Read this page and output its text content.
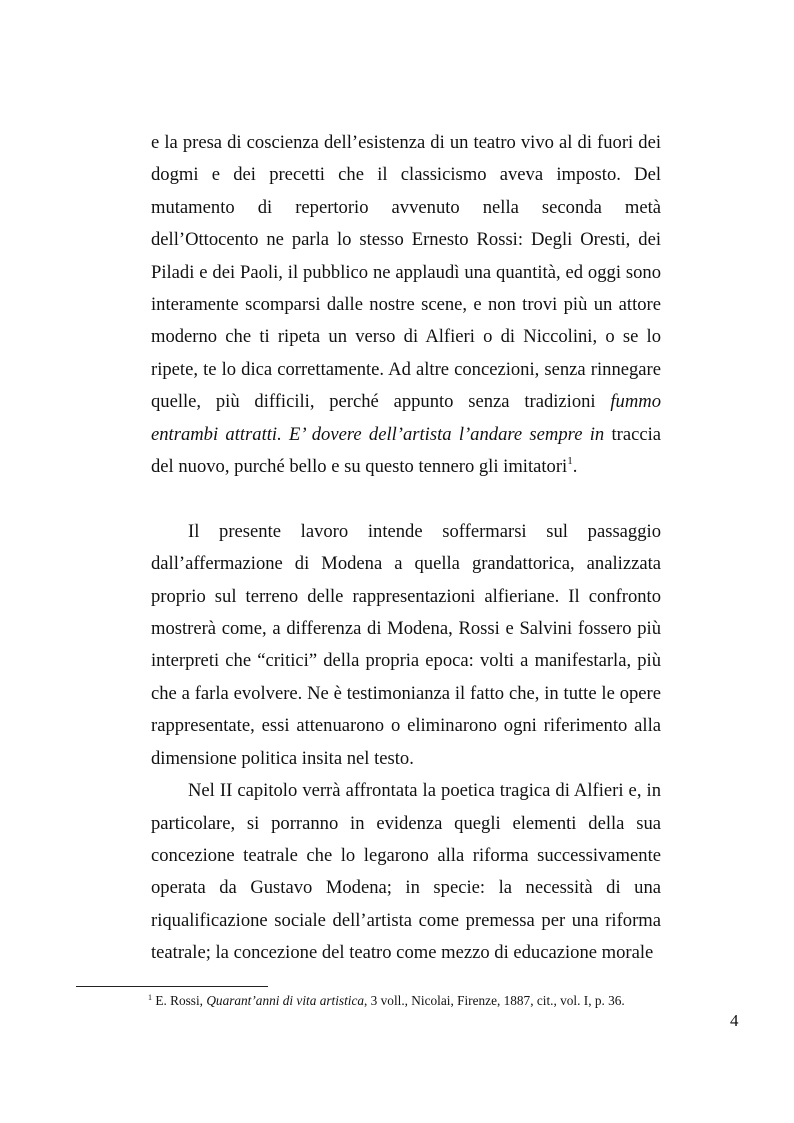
e la presa di coscienza dell’esistenza di un teatro vivo al di fuori dei dogmi e dei precetti che il classicismo aveva imposto. Del mutamento di repertorio avvenuto nella seconda metà dell’Ottocento ne parla lo stesso Ernesto Rossi: Degli Oresti, dei Piladi e dei Paoli, il pubblico ne applaudì una quantità, ed oggi sono interamente scomparsi dalle nostre scene, e non trovi più un attore moderno che ti ripeta un verso di Alfieri o di Niccolini, o se lo ripete, te lo dica correttamente. Ad altre concezioni, senza rinnegare quelle, più difficili, perché appunto senza tradizioni fummo entrambi attratti. E’ dovere dell’artista l’andare sempre in traccia del nuovo, purché bello e su questo tennero gli imitatori$^1$.

Il presente lavoro intende soffermarsi sul passaggio dall’affermazione di Modena a quella grandattorica, analizzata proprio sul terreno delle rappresentazioni alfieriane. Il confronto mostrerà come, a differenza di Modena, Rossi e Salvini fossero più interpreti che “critici” della propria epoca: volti a manifestarla, più che a farla evolvere. Ne è testimonianza il fatto che, in tutte le opere rappresentate, essi attenuarono o eliminarono ogni riferimento alla dimensione politica insita nel testo.

Nel II capitolo verrà affrontata la poetica tragica di Alfieri e, in particolare, si porranno in evidenza quegli elementi della sua concezione teatrale che lo legarono alla riforma successivamente operata da Gustavo Modena; in specie: la necessità di una riqualificazione sociale dell’artista come premessa per una riforma teatrale; la concezione del teatro come mezzo di educazione morale

$^1$ E. Rossi, Quarant’anni di vita artistica, 3 voll., Nicolai, Firenze, 1887, cit., vol. I, p. 36.
4
